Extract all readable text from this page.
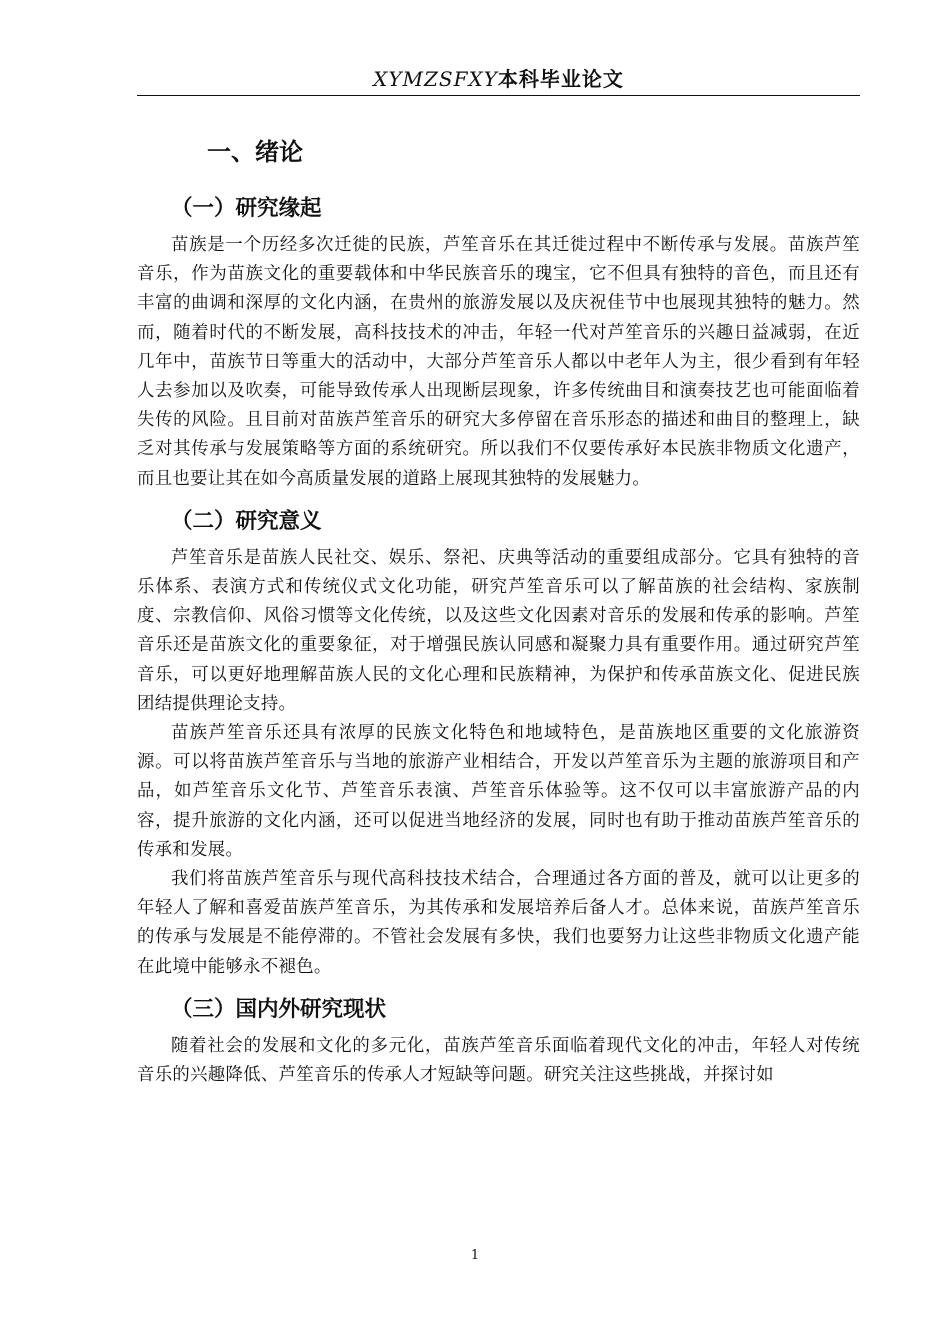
XYMZSFXY本科毕业论文
一、绪论
（一）研究缘起

苗族是一个历经多次迁徙的民族，芦笙音乐在其迁徙过程中不断传承与发展。苗族芦笙音乐，作为苗族文化的重要载体和中华民族音乐的瑰宝，它不但具有独特的音色，而且还有丰富的曲调和深厚的文化内涵，在贵州的旅游发展以及庆祝佳节中也展现其独特的魅力。然而，随着时代的不断发展，高科技技术的冲击，年轻一代对芦笙音乐的兴趣日益减弱，在近几年中，苗族节日等重大的活动中，大部分芦笙音乐人都以中老年人为主，很少看到有年轻人去参加以及吹奏，可能导致传承人出现断层现象，许多传统曲目和演奏技艺也可能面临着失传的风险。且目前对苗族芦笙音乐的研究大多停留在音乐形态的描述和曲目的整理上，缺乏对其传承与发展策略等方面的系统研究。所以我们不仅要传承好本民族非物质文化遗产，而且也要让其在如今高质量发展的道路上展现其独特的发展魅力。

（二）研究意义

芦笙音乐是苗族人民社交、娱乐、祭祀、庆典等活动的重要组成部分。它具有独特的音乐体系、表演方式和传统仪式文化功能，研究芦笙音乐可以了解苗族的社会结构、家族制度、宗教信仰、风俗习惯等文化传统，以及这些文化因素对音乐的发展和传承的影响。芦笙音乐还是苗族文化的重要象征，对于增强民族认同感和凝聚力具有重要作用。通过研究芦笙音乐，可以更好地理解苗族人民的文化心理和民族精神，为保护和传承苗族文化、促进民族团结提供理论支持。

苗族芦笙音乐还具有浓厚的民族文化特色和地域特色，是苗族地区重要的文化旅游资源。可以将苗族芦笙音乐与当地的旅游产业相结合，开发以芦笙音乐为主题的旅游项目和产品，如芦笙音乐文化节、芦笙音乐表演、芦笙音乐体验等。这不仅可以丰富旅游产品的内容，提升旅游的文化内涵，还可以促进当地经济的发展，同时也有助于推动苗族芦笙音乐的传承和发展。

我们将苗族芦笙音乐与现代高科技技术结合，合理通过各方面的普及，就可以让更多的年轻人了解和喜爱苗族芦笙音乐，为其传承和发展培养后备人才。总体来说，苗族芦笙音乐的传承与发展是不能停滞的。不管社会发展有多快，我们也要努力让这些非物质文化遗产能在此境中能够永不褪色。

（三）国内外研究现状

随着社会的发展和文化的多元化，苗族芦笙音乐面临着现代文化的冲击，年轻人对传统音乐的兴趣降低、芦笙音乐的传承人才短缺等问题。研究关注这些挑战，并探讨如

1
